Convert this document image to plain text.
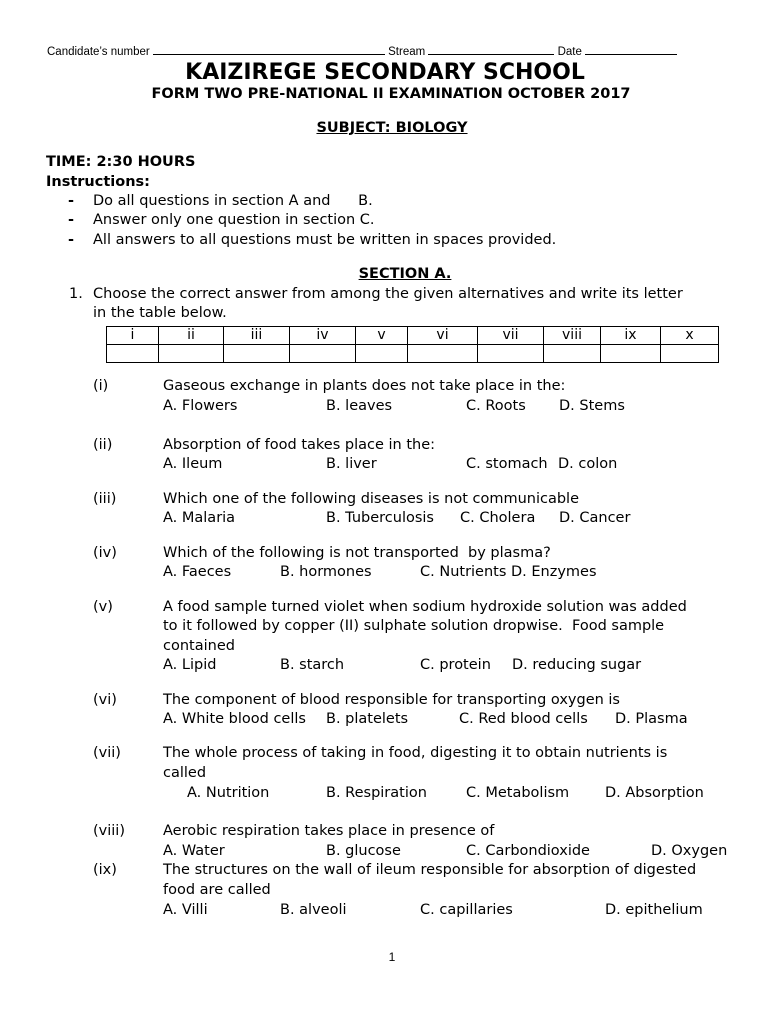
Candidate’s number	Stream	Date
KAIZIREGE SECONDARY SCHOOL
FORM TWO PRE-NATIONAL II EXAMINATION OCTOBER 2017
SUBJECT: BIOLOGY
TIME: 2:30 HOURS
Instructions:
- Do all questions in section A and      B.
- Answer only one question in section C.
- All answers to all questions must be written in spaces provided.
SECTION A.
1. Choose the correct answer from among the given alternatives and write its letter
in the table below.
i	ii	iii	iv	v	vi	vii	viii	ix	x

(i)	Gaseous exchange in plants does not take place in the:
A. Flowers	B. leaves	C. Roots D. Stems
(ii)	Absorption of food takes place in the:
A. Ileum	B. liver	C. stomach D. colon
(iii)	Which one of the following diseases is not communicable
A. Malaria	B. Tuberculosis C. Cholera D. Cancer
(iv)	Which of the following is not transported  by plasma?
A. Faeces	B. hormones	C. Nutrients D. Enzymes
(v)	A food sample turned violet when sodium hydroxide solution was added
to it followed by copper (II) sulphate solution dropwise.  Food sample
contained
A. Lipid	B. starch	C. protein D. reducing sugar
(vi)	The component of blood responsible for transporting oxygen is
A. White blood cells B. platelets	C. Red blood cells D. Plasma
(vii)	The whole process of taking in food, digesting it to obtain nutrients is
called
A. Nutrition	B. Respiration	C. Metabolism D. Absorption
(viii)	Aerobic respiration takes place in presence of
A. Water	B. glucose	C. Carbondioxide	D. Oxygen
(ix)	The structures on the wall of ileum responsible for absorption of digested
food are called
A. Villi	B. alveoli	C. capillaries	D. epithelium
1
